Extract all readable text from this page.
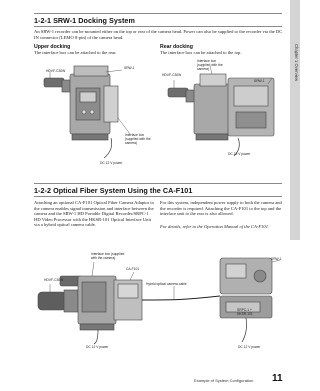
Chapter 1 Overview
1-2-1 SRW-1 Docking System
An SRW-1 recorder can be mounted either on the top or rear of the camera head. Power can also be supplied to the recorder via the DC IN connector (LEMO 8-pin) of the camera head.
Upper docking
The interface box can be attached to the rear.
Rear docking
The interface box can be attached to the top.
HDVF-C30W
SRW-1
Interface box
(supplied with the
camera)
DC 12 V power
HDVF-C30W
Interface box
(supplied with the
camera)
SRW-1
DC 12 V power
1-2-2 Optical Fiber System Using the CA-F101
Attaching an optional CA-F101 Optical Fiber Camera Adaptor to the camera enables signal transmission and interface between the camera and the SRW-1 HD Portable Digital Recorder/SRPC-1 HD Video Processor with the HKSR-101 Optical Interface Unit via a hybrid optical camera cable.
For this system, independent power supply to both the camera and the recorder is required. Attaching the CA-F101 to the top and the interface unit to the rear is also allowed.
For details, refer to the Operation Manual of the CA-F101.
HDVF-C30W
Interface box (supplied
with the camera)
CA-F101
Hybrid optical camera cable
SRW-1
SRPC-1 +
HKSR-101
DC 12 V power	DC 12 V power
Example of System Configuration 11
